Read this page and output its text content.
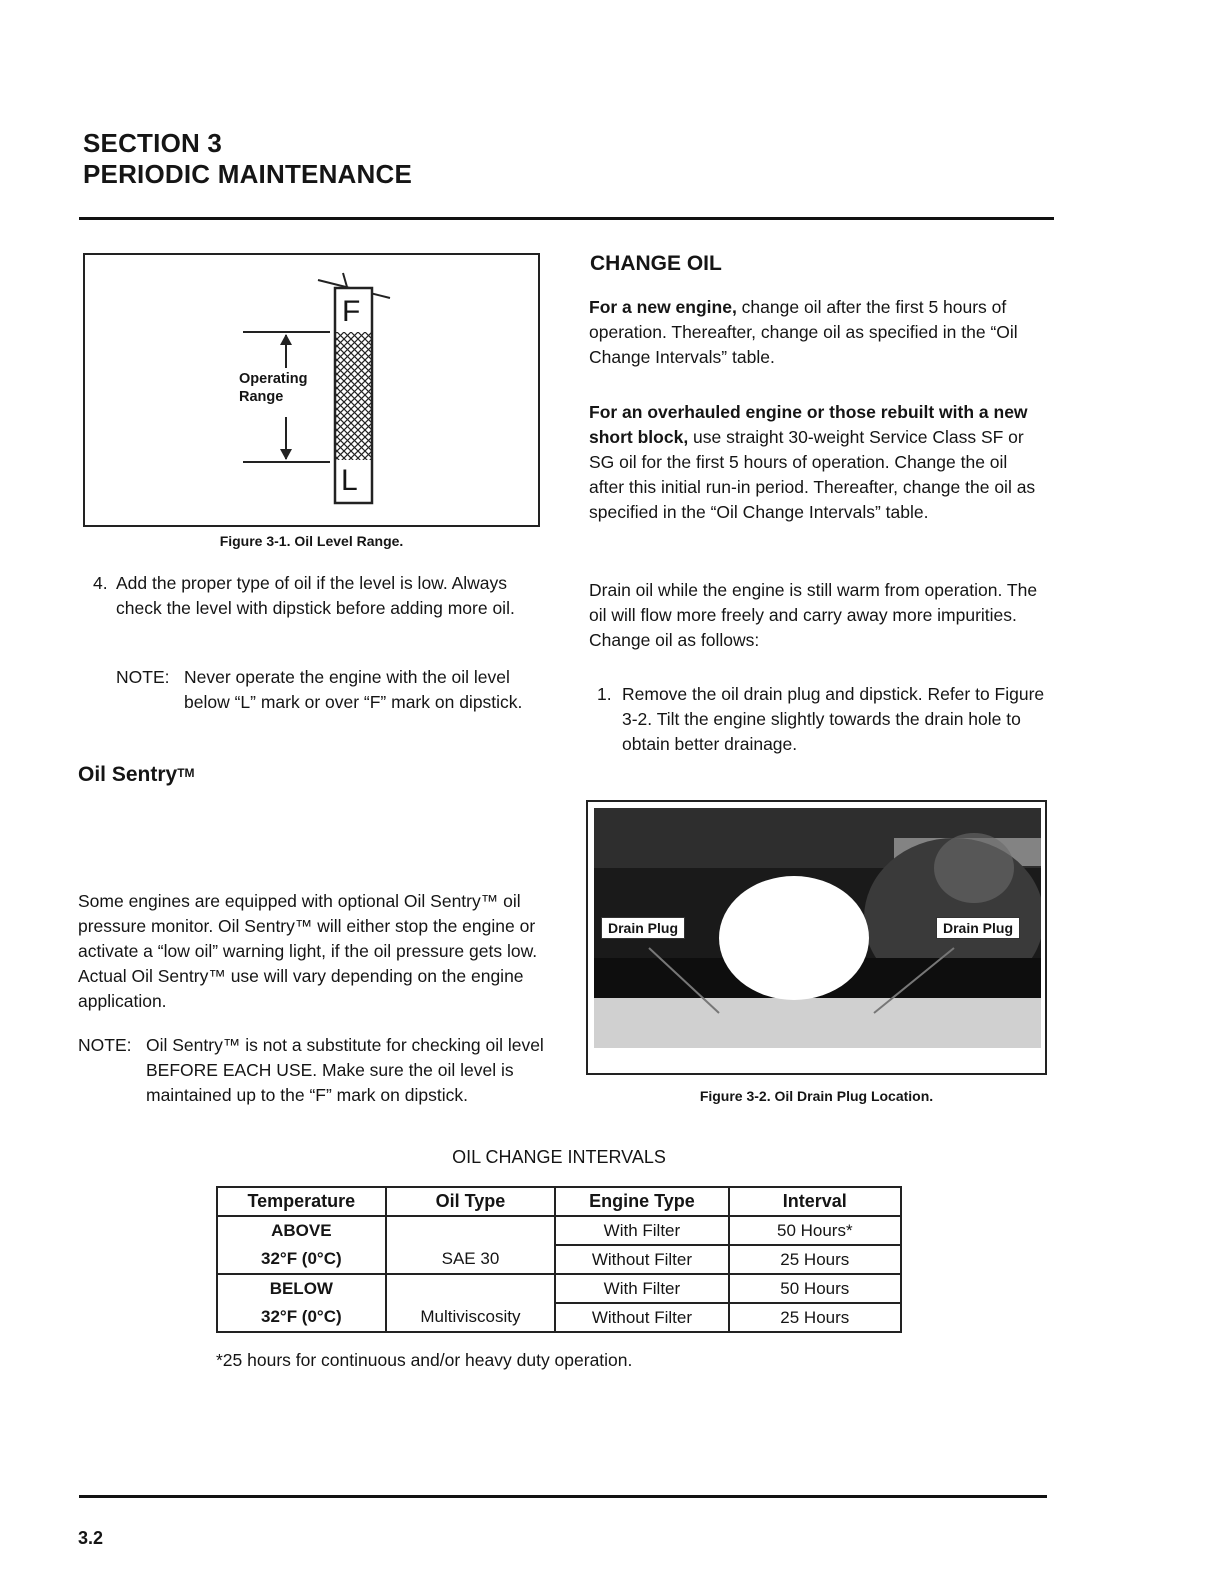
SECTION 3
PERIODIC MAINTENANCE
F
L
Operating
Range
Figure 3-1. Oil Level Range.
4. Add the proper type of oil if the level is low. Always check the level with dipstick before adding more oil.
NOTE: Never operate the engine with the oil level below “L” mark or over “F” mark on dipstick.
Oil SentryTM
Some engines are equipped with optional Oil Sentry™ oil pressure monitor. Oil Sentry™ will either stop the engine or activate a “low oil” warning light, if the oil pressure gets low. Actual Oil Sentry™ use will vary depending on the engine application.
NOTE: Oil Sentry™ is not a substitute for checking oil level BEFORE EACH USE. Make sure the oil level is maintained up to the “F” mark on dipstick.
CHANGE OIL
For a new engine, change oil after the first 5 hours of operation. Thereafter, change oil as specified in the “Oil Change Intervals” table.
For an overhauled engine or those rebuilt with a new short block, use straight 30-weight Service Class SF or SG oil for the first 5 hours of operation. Change the oil after this initial run-in period. Thereafter, change the oil as specified in the “Oil Change Intervals” table.
Drain oil while the engine is still warm from operation. The oil will flow more freely and carry away more impurities. Change oil as follows:
1. Remove the oil drain plug and dipstick. Refer to Figure 3-2. Tilt the engine slightly towards the drain hole to obtain better drainage.
Drain Plug	Drain Plug
Figure 3-2. Oil Drain Plug Location.
OIL CHANGE INTERVALS
Temperature	Oil Type	Engine Type	Interval
ABOVE	SAE 30	With Filter	50 Hours*
32°F (0°C)		Without Filter	25 Hours
BELOW	Multiviscosity	With Filter	50 Hours
32°F (0°C)		Without Filter	25 Hours
*25 hours for continuous and/or heavy duty operation.
3.2
